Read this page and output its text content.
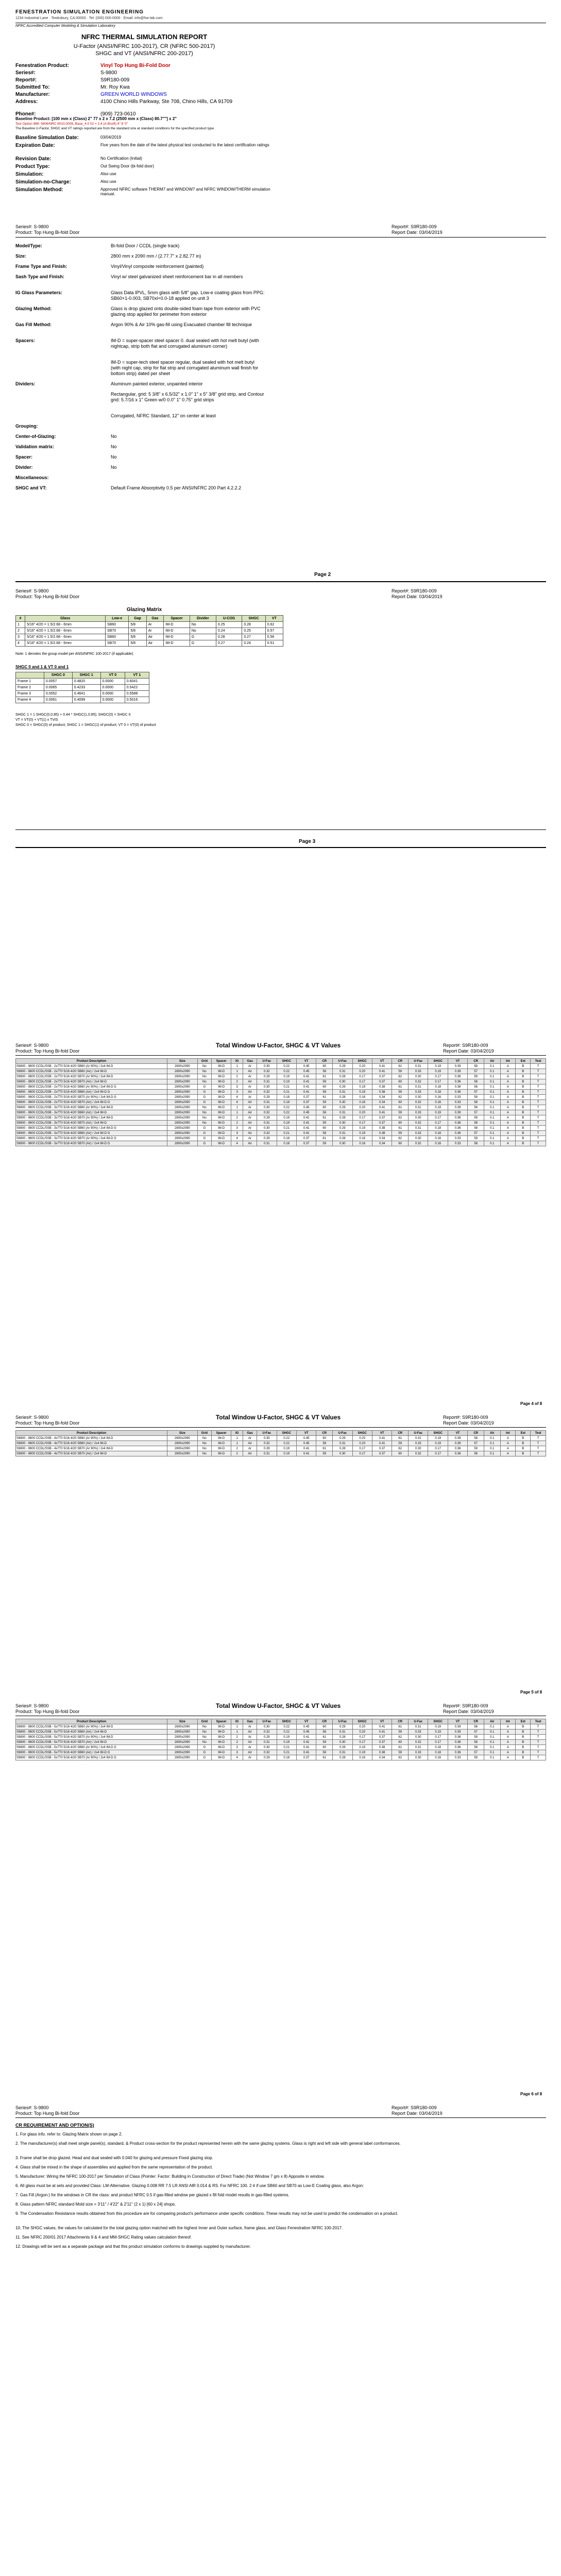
FENESTRATION SIMULATION ENGINEERING
1234 Industrial Lane · Tewksbury, CA 00000 · Tel: (000) 000-0000 · Email: info@fse-lab.com
NFRC Accredited Computer Modeling & Simulation Laboratory
NFRC THERMAL SIMULATION REPORT
U-Factor (ANSI/NFRC 100-2017), CR (NFRC 500-2017)
SHGC and VT (ANSI/NFRC 200-2017)
Fenestration Product:	Vinyl Top Hung Bi-Fold Door
Series#:	S-9800
Report#:	S9R180-009
Submitted To:	Mr. Roy Kwa
Manufacturer:	GREEN WORLD WINDOWS
Address:	4100 Chino Hills Parkway, Ste 708, Chino Hills, CA 91709
Phone#:	(909) 723-0610
Baseline Product: [100 mm x (Class) 2" 77 x 2 x 7.2 (2500 mm x (Class) 80.7""] x 2"
Test Option 988: 5806/NRC 6010,0008,,Base_4.0 02 = 2,4 (A-Bsoft) 6" 8 '0"
The Baseline U-Factor, SHGC and VT ratings reported are from the standard size at standard conditions for the specified product type.
Baseline Simulation Date:	03/04/2019
Expiration Date:	Five years from the date of the latest physical test conducted to the latest certification ratings
Revision Date:	No Certification (Initial)
Product Type:	Out Swing Door (bi-fold door)
Simulation:	Also use
Simulation-no-Charge:	Also use
Simulation Method:	Approved NFRC software THERM7 and WINDOW7 and NFRC WINDOW/THERM simulation manual.
Series#: S-9800
Product: Top Hung Bi-fold Door
Report#: S9R180-009
Report Date: 03/04/2019
Model/Type:	Bi-fold Door / CCDL (single track)
Size:	2800 mm x 2090 mm / (2.77.7" x 2.82.77 in)
Frame Type and Finish:	Vinyl/Vinyl composite reinforcement (painted)
Sash Type and Finish:	Vinyl w/ steel galvanized sheet reinforcement bar in all members
IG Glass Parameters:	Glass Data IPVL, 5mm glass with 5/8" gap. Low-e coating glass from PPG: SB60+1-0.003, SB70xl+0.0-18 applied on unit 3
Glazing Method:	Glass is drop glazed onto double-sided foam tape from exterior with PVC glazing stop applied for perimeter from exterior
Gas Fill Method:	Argon 90% & Air 10% gas-fill using Evacuated chamber fill technique
Spacers:	IM-D = super-spacer steel spacer 0. dual sealed with hot melt butyl (with nightcap, strip both flat and corrugated aluminum corner)
IM-D = super-tech steel spacer regular, dual sealed with hot melt butyl (with night cap, strip for flat strip and corrugated aluminum wall finish for bottom strip) dated per sheet
Dividers:	Aluminum painted exterior, unpainted interior
Rectangular, grid: 5 3/8" x 6.5/32" x 1.0" 1" x 5" 3/8" grid strip, and Contour grid: 5.7/16 x 1" Green w/0 0.0" 1" 0.75" grid strips
Corrugated, NFRC Standard, 12" on center at least
Grouping:
Center-of-Glazing:	No
Validation matrix:	No
Spacer:	No
Divider:	No
Miscellaneous:
SHGC and VT:	Default Frame Absorptivity 0.5 per ANSI/NFRC 200 Part 4.2.2.2
Page 2
Series#: S-9800
Product: Top Hung Bi-fold Door
Report#: S9R180-009
Report Date: 03/04/2019
Glazing Matrix
#	Glass	Low-e	Gap	Gas	Spacer	Divider	U-COG	SHGC	VT
1	5/16" 4/20 = 1.5/2.68 - 6mm	SB60	5/8	Ar	IM-D	No	0.25	0.28	0.62
2	5/16" 4/20 = 1.5/2.68 - 6mm	SB70	5/8	Ar	IM-D	No	0.24	0.25	0.57
3	5/16" 4/20 = 1.5/2.68 - 6mm	SB60	5/8	Air	IM-D	G	0.28	0.27	0.56
4	5/16" 4/20 = 1.5/2.68 - 6mm	SB70	5/8	Air	IM-D	G	0.27	0.24	0.51
Note: 1 denotes the group model per ANSI/NFRC 100-2017 (if applicable).
SHGC 0 and 1 & VT 0 and 1
	SHGC 0	SHGC 1	VT 0	VT 1
Frame 1	0.0057	0.4820	0.0000	0.6041
Frame 2	0.0065	0.4233	0.0000	0.5422
Frame 3	0.0052	0.4641	0.0000	0.5588
Frame 4	0.0061	0.4099	0.0000	0.5016
SHGC 1 = 1 SHGC(0,0.85) + 0.44 * SHGC(1,0.85); SHGC(0) = SHGC 0
VT = VT(0) + VT(1) x TVIS
SHGC 0 = SHGC(0) of product; SHGC 1 = SHGC(1) of product; VT 0 = VT(0) of product
Page 3
Series#: S-9800
Product: Top Hung Bi-fold Door
Total Window U-Factor, SHGC & VT Values	Report#: S9R180-009
Report Date: 03/04/2019
Product Description	Size	Grid	Spacer	IG	Gas	U-Fac	SHGC	VT	CR	U-Fac	SHGC	VT	CR	U-Fac	SHGC	VT	CR	Air	Int	Ext	Test
S9800 - 9800 CCDL/SSB - 2x7T0 5/16 4/20 SB60 (Ar 90%) / 2x4 IM-D	2800x2090	No	IM-D	1	Ar	0.30	0.22	0.45	60	0.29	0.20	0.41	61	0.31	0.19	0.39	58	0.1	A	B	T
S9800 - 9800 CCDL/SSB - 2x7T0 5/16 4/20 SB60 (Air) / 2x4 IM-D	2800x2090	No	IM-D	1	Air	0.32	0.22	0.45	58	0.31	0.20	0.41	59	0.33	0.19	0.39	57	0.1	A	B	T
S9800 - 9800 CCDL/SSB - 2x7T0 5/16 4/20 SB70 (Ar 90%) / 2x4 IM-D	2800x2090	No	IM-D	2	Ar	0.29	0.19	0.41	61	0.28	0.17	0.37	62	0.30	0.17	0.36	59	0.1	A	B	T
S9800 - 9800 CCDL/SSB - 2x7T0 5/16 4/20 SB70 (Air) / 2x4 IM-D	2800x2090	No	IM-D	2	Air	0.31	0.19	0.41	59	0.30	0.17	0.37	60	0.32	0.17	0.36	58	0.1	A	B	T
S9800 - 9800 CCDL/SSB - 2x7T0 5/16 4/20 SB60 (Ar 90%) / 2x4 IM-D G	2800x2090	G	IM-D	3	Ar	0.30	0.21	0.41	60	0.29	0.19	0.38	61	0.31	0.18	0.36	58	0.1	A	B	T
S9800 - 9800 CCDL/SSB - 2x7T0 5/16 4/20 SB60 (Air) / 2x4 IM-D G	2800x2090	G	IM-D	3	Air	0.32	0.21	0.41	58	0.31	0.19	0.38	59	0.33	0.18	0.36	57	0.1	A	B	T
S9800 - 9800 CCDL/SSB - 2x7T0 5/16 4/20 SB70 (Ar 90%) / 2x4 IM-D G	2800x2090	G	IM-D	4	Ar	0.29	0.18	0.37	61	0.28	0.16	0.34	62	0.30	0.16	0.33	59	0.1	A	B	T
S9800 - 9800 CCDL/SSB - 2x7T0 5/16 4/20 SB70 (Air) / 2x4 IM-D G	2800x2090	G	IM-D	4	Air	0.31	0.18	0.37	59	0.30	0.16	0.34	60	0.32	0.16	0.33	58	0.1	A	B	T
S9800 - 9800 CCDL/SSB - 3x7T0 5/16 4/20 SB60 (Ar 90%) / 2x4 IM-D	2800x2090	No	IM-D	1	Ar	0.30	0.22	0.45	60	0.29	0.20	0.41	61	0.31	0.19	0.39	58	0.1	A	B	T
S9800 - 9800 CCDL/SSB - 3x7T0 5/16 4/20 SB60 (Air) / 2x4 IM-D	2800x2090	No	IM-D	1	Air	0.32	0.22	0.45	58	0.31	0.20	0.41	59	0.33	0.19	0.39	57	0.1	A	B	T
S9800 - 9800 CCDL/SSB - 3x7T0 5/16 4/20 SB70 (Ar 90%) / 2x4 IM-D	2800x2090	No	IM-D	2	Ar	0.29	0.19	0.41	61	0.28	0.17	0.37	62	0.30	0.17	0.36	59	0.1	A	B	T
S9800 - 9800 CCDL/SSB - 3x7T0 5/16 4/20 SB70 (Air) / 2x4 IM-D	2800x2090	No	IM-D	2	Air	0.31	0.19	0.41	59	0.30	0.17	0.37	60	0.32	0.17	0.36	58	0.1	A	B	T
S9800 - 9800 CCDL/SSB - 3x7T0 5/16 4/20 SB60 (Ar 90%) / 2x4 IM-D G	2800x2090	G	IM-D	3	Ar	0.30	0.21	0.41	60	0.29	0.19	0.38	61	0.31	0.18	0.36	58	0.1	A	B	T
S9800 - 9800 CCDL/SSB - 3x7T0 5/16 4/20 SB60 (Air) / 2x4 IM-D G	2800x2090	G	IM-D	3	Air	0.32	0.21	0.41	58	0.31	0.19	0.38	59	0.33	0.18	0.36	57	0.1	A	B	T
S9800 - 9800 CCDL/SSB - 3x7T0 5/16 4/20 SB70 (Ar 90%) / 2x4 IM-D G	2800x2090	G	IM-D	4	Ar	0.29	0.18	0.37	61	0.28	0.16	0.34	62	0.30	0.16	0.33	59	0.1	A	B	T
S9800 - 9800 CCDL/SSB - 3x7T0 5/16 4/20 SB70 (Air) / 2x4 IM-D G	2800x2090	G	IM-D	4	Air	0.31	0.18	0.37	59	0.30	0.16	0.34	60	0.32	0.16	0.33	58	0.1	A	B	T
Page 4 of 8
Series#: S-9800
Product: Top Hung Bi-fold Door
Total Window U-Factor, SHGC & VT Values	Report#: S9R180-009
Report Date: 03/04/2019
Product Description	Size	Grid	Spacer	IG	Gas	U-Fac	SHGC	VT	CR	U-Fac	SHGC	VT	CR	U-Fac	SHGC	VT	CR	Air	Int	Ext	Test
S9800 - 9800 CCDL/SSB - 4x7T0 5/16 4/20 SB60 (Ar 90%) / 2x4 IM-D	2800x2090	No	IM-D	1	Ar	0.30	0.22	0.45	60	0.29	0.20	0.41	61	0.31	0.19	0.39	58	0.1	A	B	T
S9800 - 9800 CCDL/SSB - 4x7T0 5/16 4/20 SB60 (Air) / 2x4 IM-D	2800x2090	No	IM-D	1	Air	0.32	0.22	0.45	58	0.31	0.20	0.41	59	0.33	0.19	0.39	57	0.1	A	B	T
S9800 - 9800 CCDL/SSB - 4x7T0 5/16 4/20 SB70 (Ar 90%) / 2x4 IM-D	2800x2090	No	IM-D	2	Ar	0.29	0.19	0.41	61	0.28	0.17	0.37	62	0.30	0.17	0.36	59	0.1	A	B	T
S9800 - 9800 CCDL/SSB - 4x7T0 5/16 4/20 SB70 (Air) / 2x4 IM-D	2800x2090	No	IM-D	2	Air	0.31	0.19	0.41	59	0.30	0.17	0.37	60	0.32	0.17	0.36	58	0.1	A	B	T
Page 5 of 8
Series#: S-9800
Product: Top Hung Bi-fold Door
Total Window U-Factor, SHGC & VT Values	Report#: S9R180-009
Report Date: 03/04/2019
Product Description	Size	Grid	Spacer	IG	Gas	U-Fac	SHGC	VT	CR	U-Fac	SHGC	VT	CR	U-Fac	SHGC	VT	CR	Air	Int	Ext	Test
S9800 - 9800 CCDL/SSB - 5x7T0 5/16 4/20 SB60 (Ar 90%) / 2x4 IM-D	2800x2090	No	IM-D	1	Ar	0.30	0.22	0.45	60	0.29	0.20	0.41	61	0.31	0.19	0.39	58	0.1	A	B	T
S9800 - 9800 CCDL/SSB - 5x7T0 5/16 4/20 SB60 (Air) / 2x4 IM-D	2800x2090	No	IM-D	1	Air	0.32	0.22	0.45	58	0.31	0.20	0.41	59	0.33	0.19	0.39	57	0.1	A	B	T
S9800 - 9800 CCDL/SSB - 5x7T0 5/16 4/20 SB70 (Ar 90%) / 2x4 IM-D	2800x2090	No	IM-D	2	Ar	0.29	0.19	0.41	61	0.28	0.17	0.37	62	0.30	0.17	0.36	59	0.1	A	B	T
S9800 - 9800 CCDL/SSB - 5x7T0 5/16 4/20 SB70 (Air) / 2x4 IM-D	2800x2090	No	IM-D	2	Air	0.31	0.19	0.41	59	0.30	0.17	0.37	60	0.32	0.17	0.36	58	0.1	A	B	T
S9800 - 9800 CCDL/SSB - 5x7T0 5/16 4/20 SB60 (Ar 90%) / 2x4 IM-D G	2800x2090	G	IM-D	3	Ar	0.30	0.21	0.41	60	0.29	0.19	0.38	61	0.31	0.18	0.36	58	0.1	A	B	T
S9800 - 9800 CCDL/SSB - 5x7T0 5/16 4/20 SB60 (Air) / 2x4 IM-D G	2800x2090	G	IM-D	3	Air	0.32	0.21	0.41	58	0.31	0.19	0.38	59	0.33	0.18	0.36	57	0.1	A	B	T
S9800 - 9800 CCDL/SSB - 5x7T0 5/16 4/20 SB70 (Ar 90%) / 2x4 IM-D G	2800x2090	G	IM-D	4	Ar	0.29	0.18	0.37	61	0.28	0.16	0.34	62	0.30	0.16	0.33	59	0.1	A	B	T
Page 6 of 8
Series#: S-9800
Product: Top Hung Bi-fold Door
Report#: S9R180-009
Report Date: 03/04/2019
CR REQUIREMENT AND OPTION(S)
1. For glass info. refer to: Glazing Matrix shown on page 2.
2. The manufacturer(s) shall meet single panel(s), standard, & Product cross-section for the product represented herein with the same glazing systems. Glass is right and left side with general label conformances.
3. Frame shall be drop glazed. Head and dual sealed with 0.040 for glazing and pressure Fixed glazing stop.
4. Glass shall be mixed in the shape of assemblies and applied from the same representation of the product.
5. Manufacturer: Wiring the NFRC 100-2017 per Simulation of Class (Pointer: Factor: Building in Construction of Direct Trade) (Not Window 7 gm x 8) Apposite in window.
6. All glass must be at sets and provided Class: LM-Alternative. Glazing 0.008 RR 7.5 LR ANSI AlR 0.014 & RS. For NFRC 100. 2 # if use SB60 and SB70 as Low-E Coating glass, also Argon:
7. Gas Fill (Argon:) for the windows in CR the class: and product NFRC 0.5 if gas-filled window per glazed x fill fold model results in gas-filled systems.
8. Glass pattern NFRC standard Mold size = 3'11" / 4'22" & 2'11" (2 x 1) [60 x 24] shops.
9. The Condensation Resistance results obtained from this procedure are for comparing product's performance under specific conditions. These results may not be used to predict the condensation on a product.
10. The SHGC values, the values for calculated for the total glazing option matched with the highest Inner and Outer surface, frame glass, and Glass Fenestration NFRC 100-2017.
11. See NFRC 200/01 2017 Attachments 9 & 4 and MM-SHGC Rating values calculation thereof.
12. Drawings will be sent as a separate package and that this product simulation conforms to drawings supplied by manufacturer.
